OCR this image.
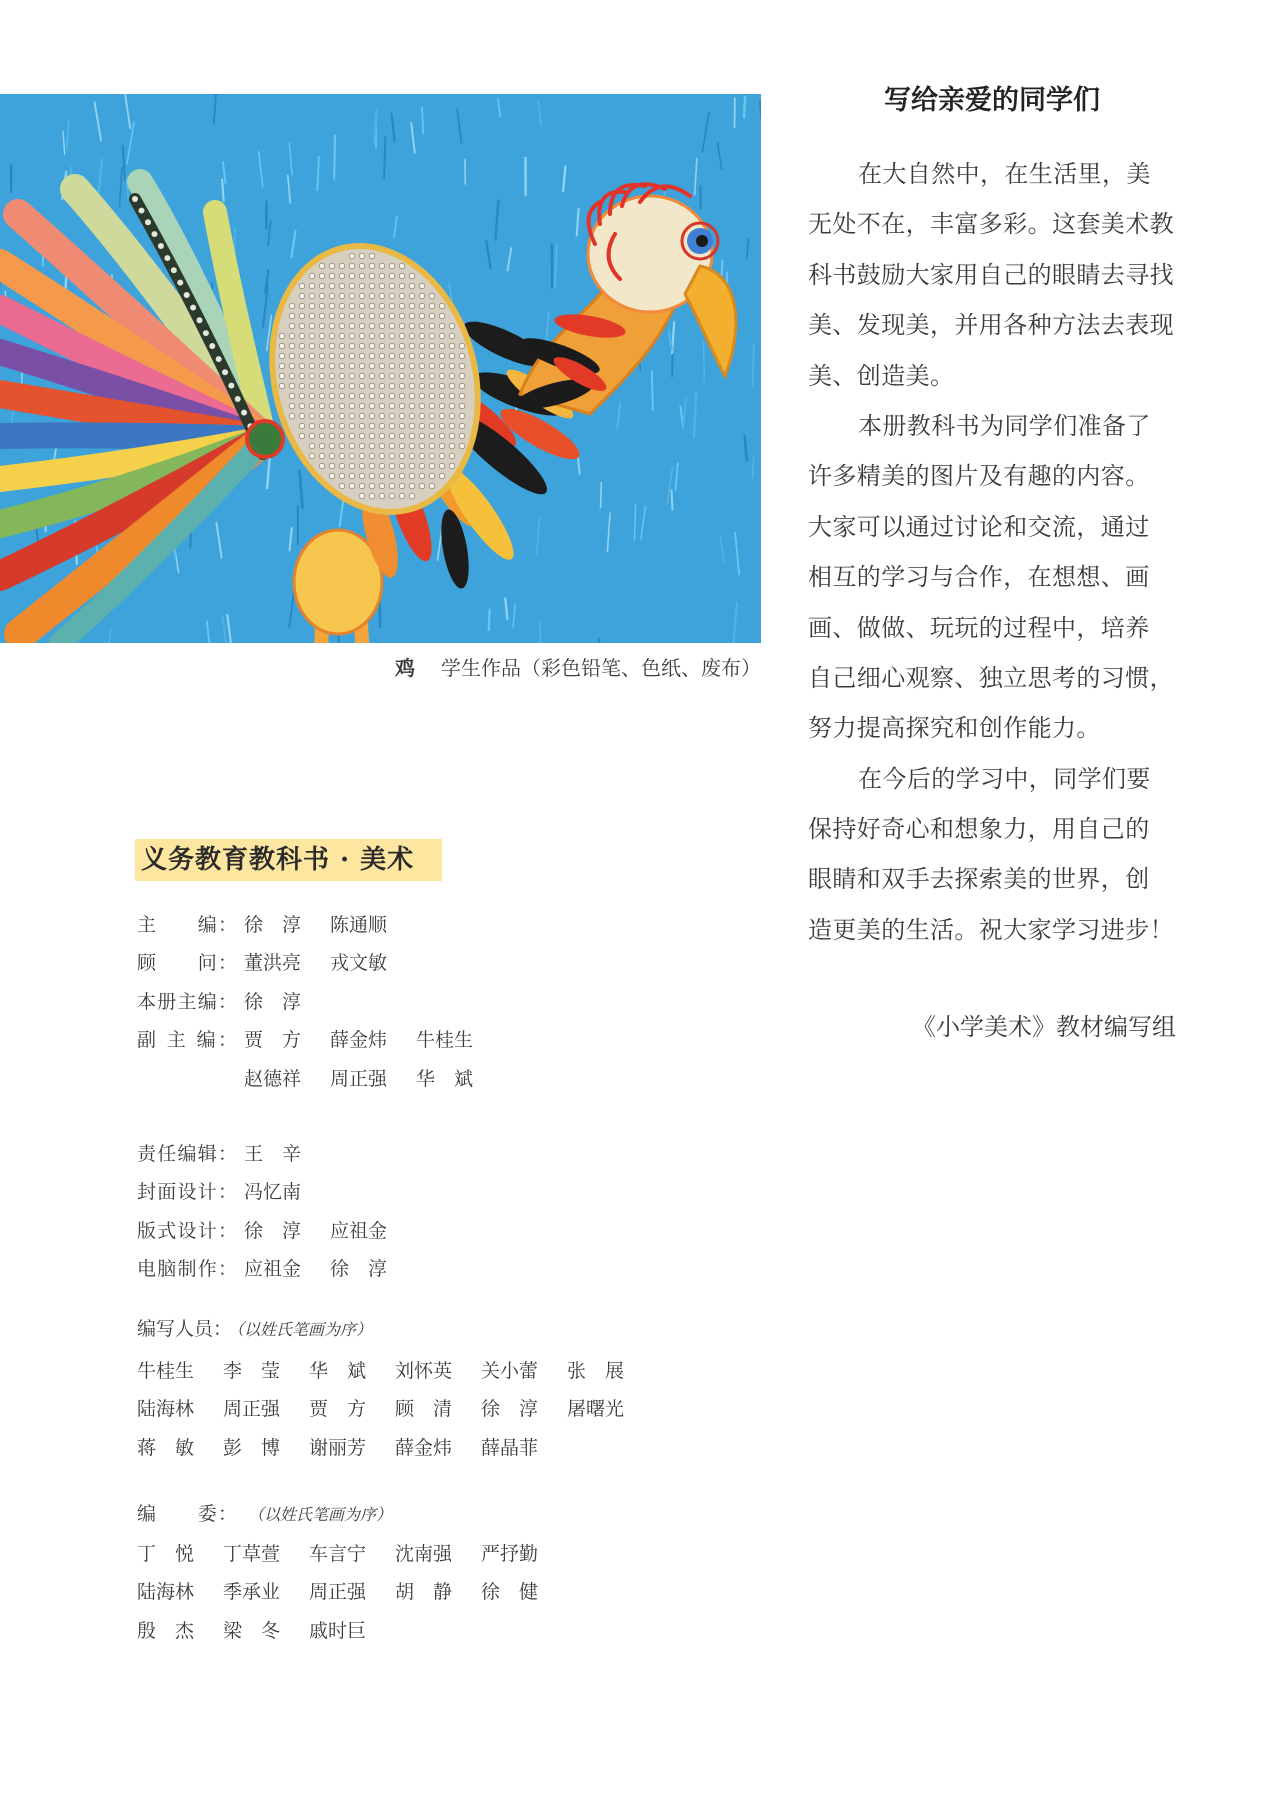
鸡 学生作品（彩色铅笔、色纸、废布）
写给亲爱的同学们
在大自然中，在生活里，美
无处不在，丰富多彩。这套美术教
科书鼓励大家用自己的眼睛去寻找
美、发现美，并用各种方法去表现
美、创造美。
本册教科书为同学们准备了
许多精美的图片及有趣的内容。
大家可以通过讨论和交流，通过
相互的学习与合作，在想想、画
画、做做、玩玩的过程中，培养
自己细心观察、独立思考的习惯，
努力提高探究和创作能力。
在今后的学习中，同学们要
保持好奇心和想象力，用自己的
眼睛和双手去探索美的世界，创
造更美的生活。祝大家学习进步！
《小学美术》教材编写组
义务教育教科书 · 美术
主　　编： 徐　淳 陈通顺
顾　　问： 董洪亮 戎文敏
本册主编： 徐　淳
副 主 编： 贾　方 薛金炜 牛桂生
赵德祥 周正强 华　斌
责任编辑： 王　辛
封面设计： 冯忆南
版式设计： 徐　淳 应祖金
电脑制作： 应祖金 徐　淳
编写人员： （以姓氏笔画为序）
牛桂生 李　莹 华　斌 刘怀英 关小蕾 张　展
陆海林 周正强 贾　方 顾　清 徐　淳 屠曙光
蒋　敏 彭　博 谢丽芳 薛金炜 薛晶菲
编　　委： （以姓氏笔画为序）
丁　悦 丁草萱 车言宁 沈南强 严抒勤
陆海林 季承业 周正强 胡　静 徐　健
殷　杰 梁　冬 戚时巨
